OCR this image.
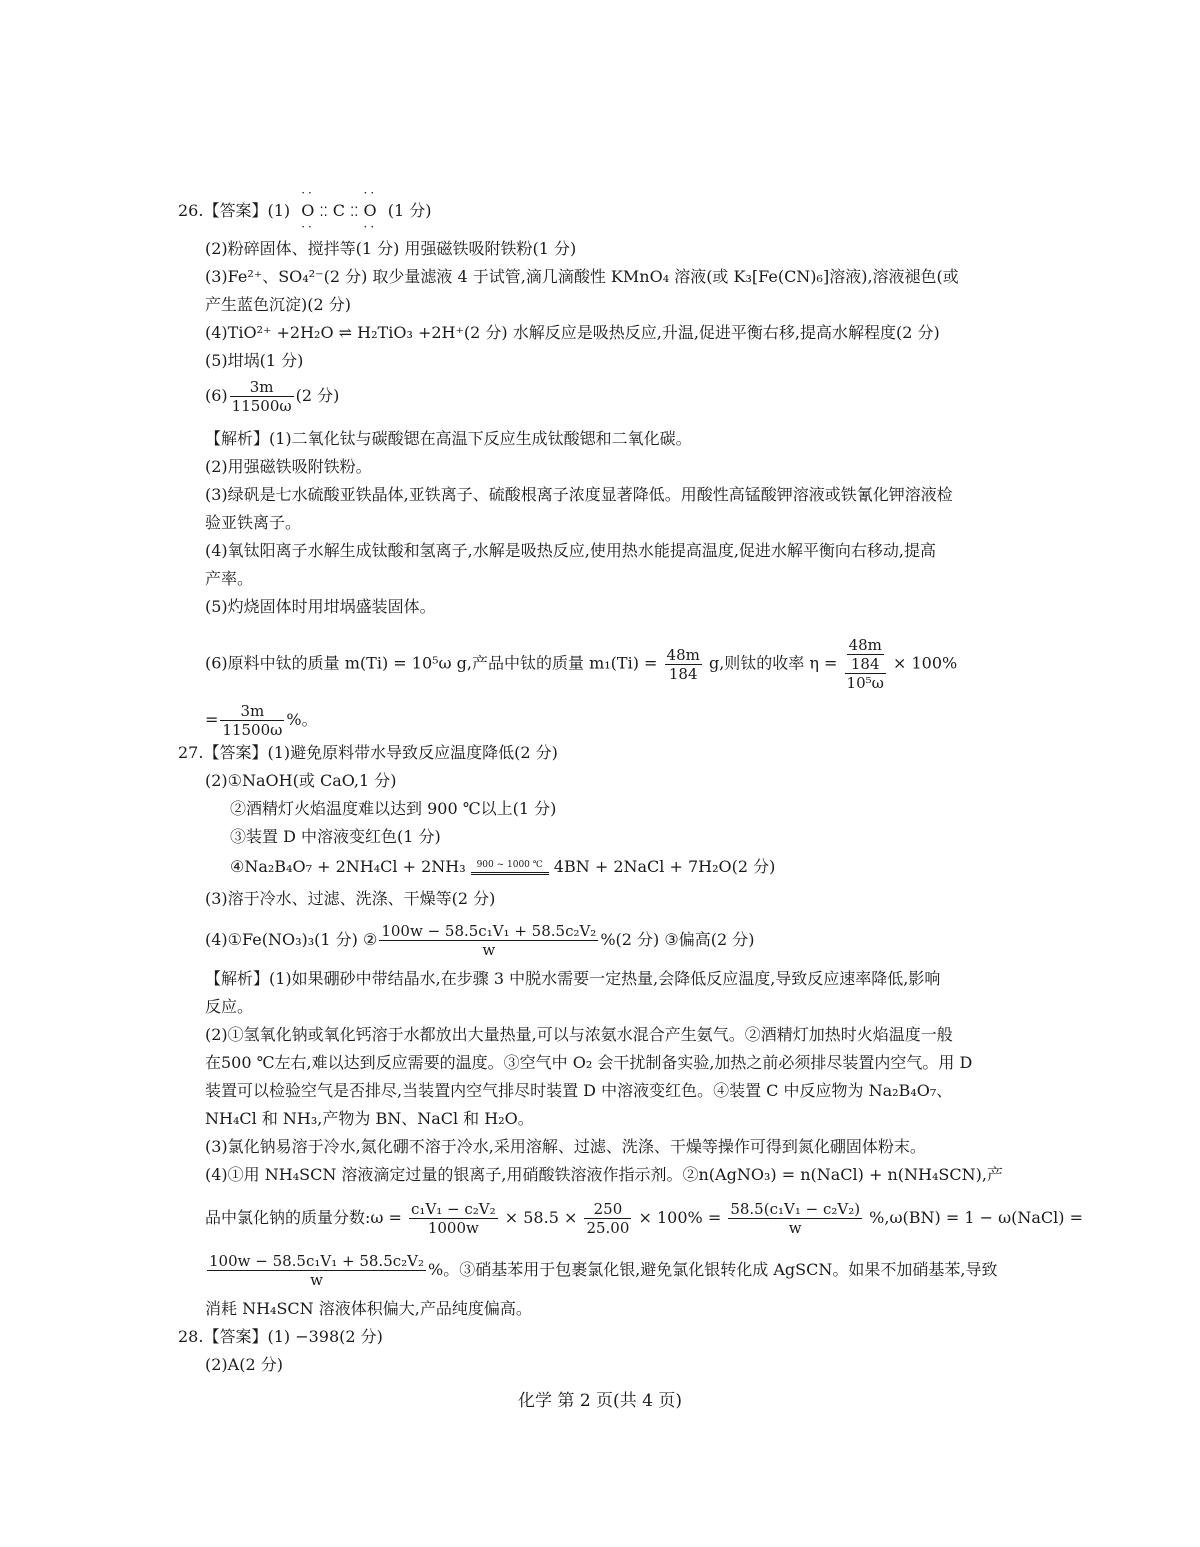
26.【答案】(1)
··
O
··
⁚⁚ C ⁚⁚
··
O
··
(1 分)
(2)粉碎固体、搅拌等(1 分) 用强磁铁吸附铁粉(1 分)
(3)Fe²⁺、SO₄²⁻(2 分) 取少量滤液 4 于试管,滴几滴酸性 KMnO₄ 溶液(或 K₃[Fe(CN)₆]溶液),溶液褪色(或
产生蓝色沉淀)(2 分)
(4)TiO²⁺ +2H₂O ⇌ H₂TiO₃ +2H⁺(2 分) 水解反应是吸热反应,升温,促进平衡右移,提高水解程度(2 分)
(5)坩埚(1 分)
$(6) \frac{3m}{11500\omega} (2$ 分)
【解析】(1)二氧化钛与碳酸锶在高温下反应生成钛酸锶和二氧化碳。
(2)用强磁铁吸附铁粉。
(3)绿矾是七水硫酸亚铁晶体,亚铁离子、硫酸根离子浓度显著降低。用酸性高锰酸钾溶液或铁氰化钾溶液检
验亚铁离子。
(4)氧钛阳离子水解生成钛酸和氢离子,水解是吸热反应,使用热水能提高温度,促进水解平衡向右移动,提高
产率。
(5)灼烧固体时用坩埚盛装固体。
(6)原料中钛的质量 m(Ti) = 10⁵ω g,产品中钛的质量 $m_1(Ti) = \frac{48m}{184} g$,则钛的收率 $\eta = \frac{\frac{48m}{184}}{\text{10⁵ω}} \times 100\%$
= $\frac{3m}{11500\omega}$ %。
27.【答案】(1)避免原料带水导致反应温度降低(2 分)
(2)①NaOH(或 CaO,1 分)
②酒精灯火焰温度难以达到 900 ℃以上(1 分)
③装置 D 中溶液变红色(1 分)
④Na₂B₄O₇ + 2NH₄Cl + 2NH₃	900 ~ 1000 ℃ 4BN + 2NaCl + 7H₂O(2 分)
(3)溶于冷水、过滤、洗涤、干燥等(2 分)
(4)①Fe(NO₃)₃(1 分) ② $\frac{\text{100w − 58.5c₁V₁ + 58.5c₂V₂}}{w} \%(2$ 分) ③偏高(2 分)
【解析】(1)如果硼砂中带结晶水,在步骤 3 中脱水需要一定热量,会降低反应温度,导致反应速率降低,影响
反应。
(2)①氢氧化钠或氧化钙溶于水都放出大量热量,可以与浓氨水混合产生氨气。②酒精灯加热时火焰温度一般
在500 ℃左右,难以达到反应需要的温度。③空气中 O₂ 会干扰制备实验,加热之前必须排尽装置内空气。用 D
装置可以检验空气是否排尽,当装置内空气排尽时装置 D 中溶液变红色。④装置 C 中反应物为 Na₂B₄O₇、
NH₄Cl 和 NH₃,产物为 BN、NaCl 和 H₂O。
(3)氯化钠易溶于冷水,氮化硼不溶于冷水,采用溶解、过滤、洗涤、干燥等操作可得到氮化硼固体粉末。
(4)①用 NH₄SCN 溶液滴定过量的银离子,用硝酸铁溶液作指示剂。②n(AgNO₃) = n(NaCl) + n(NH₄SCN),产
品中氯化钠的质量分数:ω = $\frac{\text{c₁V₁ − c₂V₂}}{1000w} \times 58.5 \times \frac{250}{25.00} \times 100\% = \frac{\text{58.5(c₁V₁ − c₂V₂)}}{w} \%,\omega(BN) = 1$ − ω(NaCl) =
$\frac{\text{100w − 58.5c₁V₁ + 58.5c₂V₂}}{w}$ %。③硝基苯用于包裹氯化银,避免氯化银转化成 AgSCN。如果不加硝基苯,导致
消耗 NH₄SCN 溶液体积偏大,产品纯度偏高。
28.【答案】(1) −398(2 分)
(2)A(2 分)
化学 第 2 页(共 4 页)
